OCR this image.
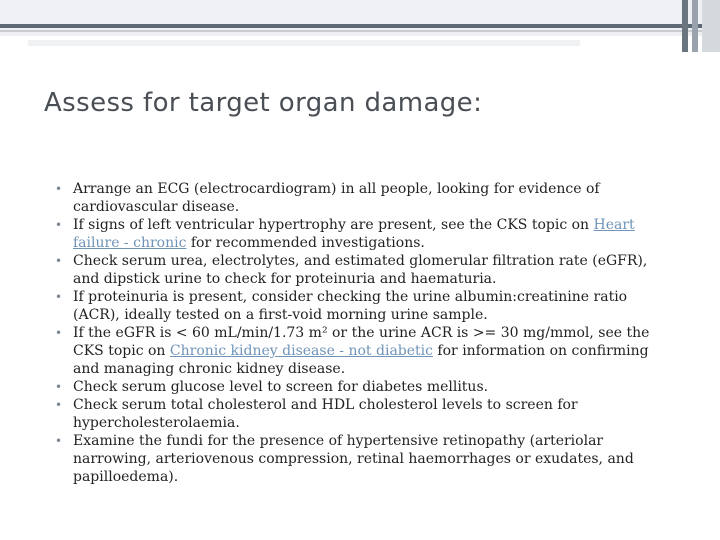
Assess for target organ damage:
• Arrange an ECG (electrocardiogram) in all people, looking for evidence of cardiovascular disease.
• If signs of left ventricular hypertrophy are present, see the CKS topic on Heart failure - chronic for recommended investigations.
• Check serum urea, electrolytes, and estimated glomerular filtration rate (eGFR), and dipstick urine to check for proteinuria and haematuria.
• If proteinuria is present, consider checking the urine albumin:creatinine ratio (ACR), ideally tested on a first-void morning urine sample.
• If the eGFR is < 60 mL/min/1.73 m² or the urine ACR is >= 30 mg/mmol, see the CKS topic on Chronic kidney disease - not diabetic for information on confirming and managing chronic kidney disease.
• Check serum glucose level to screen for diabetes mellitus.
• Check serum total cholesterol and HDL cholesterol levels to screen for hypercholesterolaemia.
• Examine the fundi for the presence of hypertensive retinopathy (arteriolar narrowing, arteriovenous compression, retinal haemorrhages or exudates, and papilloedema).
